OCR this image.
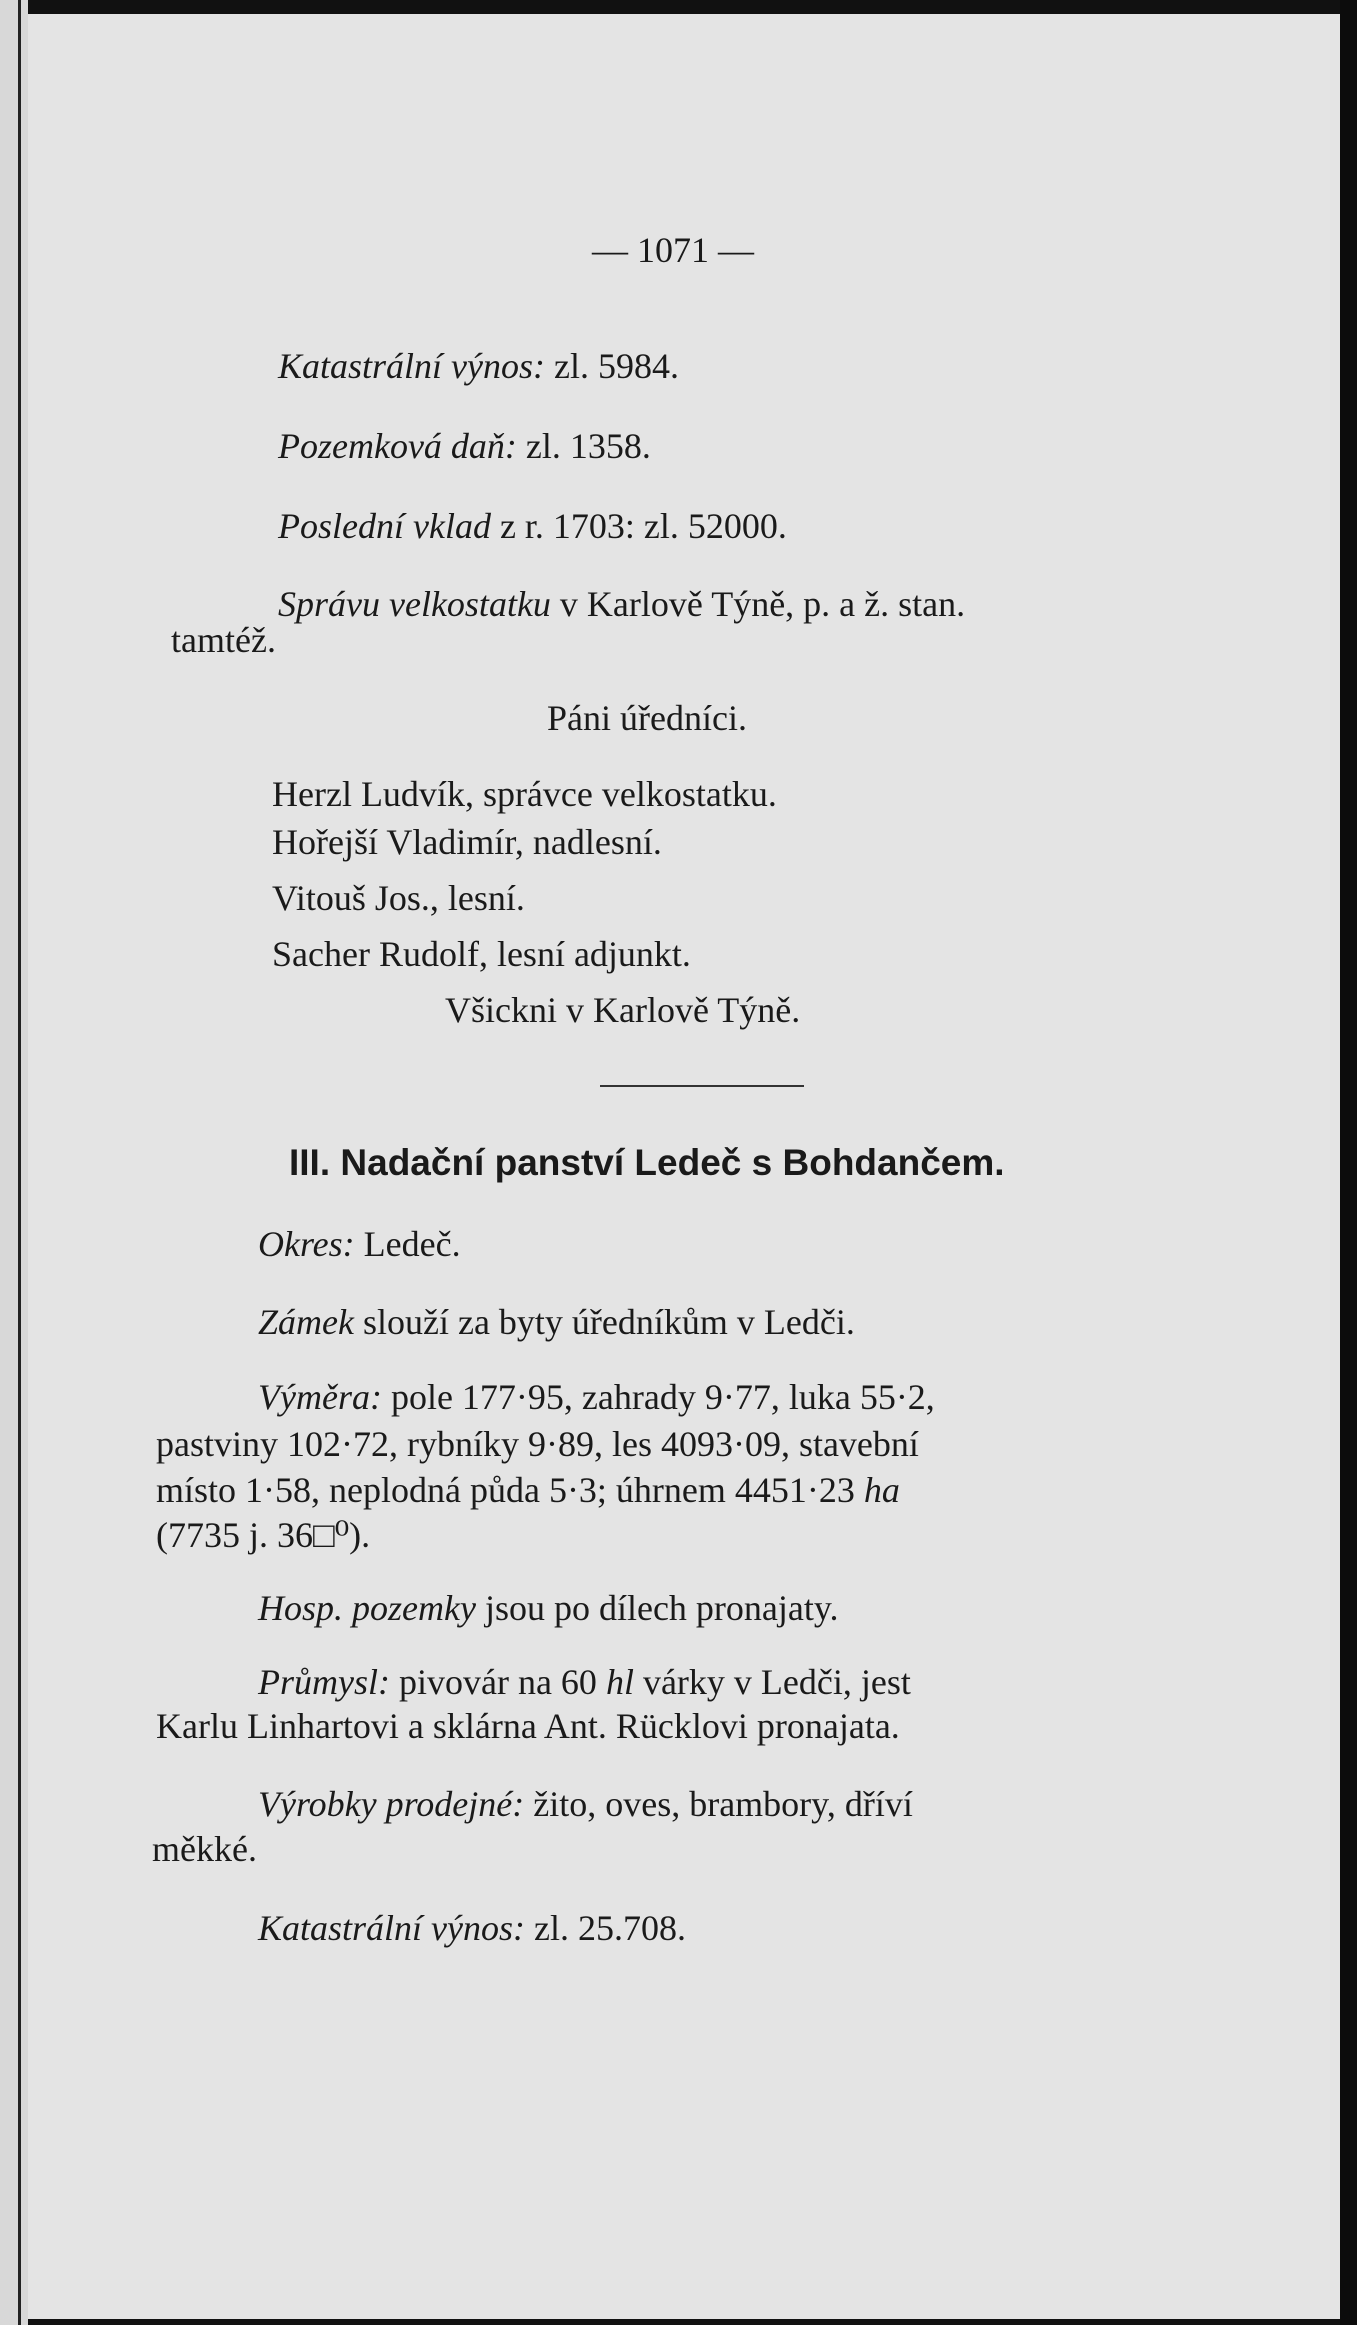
— 1071 —
Katastrální výnos: zl. 5984.
Pozemková daň: zl. 1358.
Poslední vklad z r. 1703: zl. 52000.
Správu velkostatku v Karlově Týně, p. a ž. stan.
tamtéž.
Páni úředníci.
Herzl Ludvík, správce velkostatku.
Hořejší Vladimír, nadlesní.
Vitouš Jos., lesní.
Sacher Rudolf, lesní adjunkt.
Všickni v Karlově Týně.
III. Nadační panství Ledeč s Bohdančem.
Okres: Ledeč.
Zámek slouží za byty úředníkům v Ledči.
Výměra: pole 177·95, zahrady 9·77, luka 55·2,
pastviny 102·72, rybníky 9·89, les 4093·09, stavební
místo 1·58, neplodná půda 5·3; úhrnem 4451·23 ha
(7735 j. 36□⁰).
Hosp. pozemky jsou po dílech pronajaty.
Průmysl: pivovár na 60 hl várky v Ledči, jest
Karlu Linhartovi a sklárna Ant. Rücklovi pronajata.
Výrobky prodejné: žito, oves, brambory, dříví
měkké.
Katastrální výnos: zl. 25.708.
